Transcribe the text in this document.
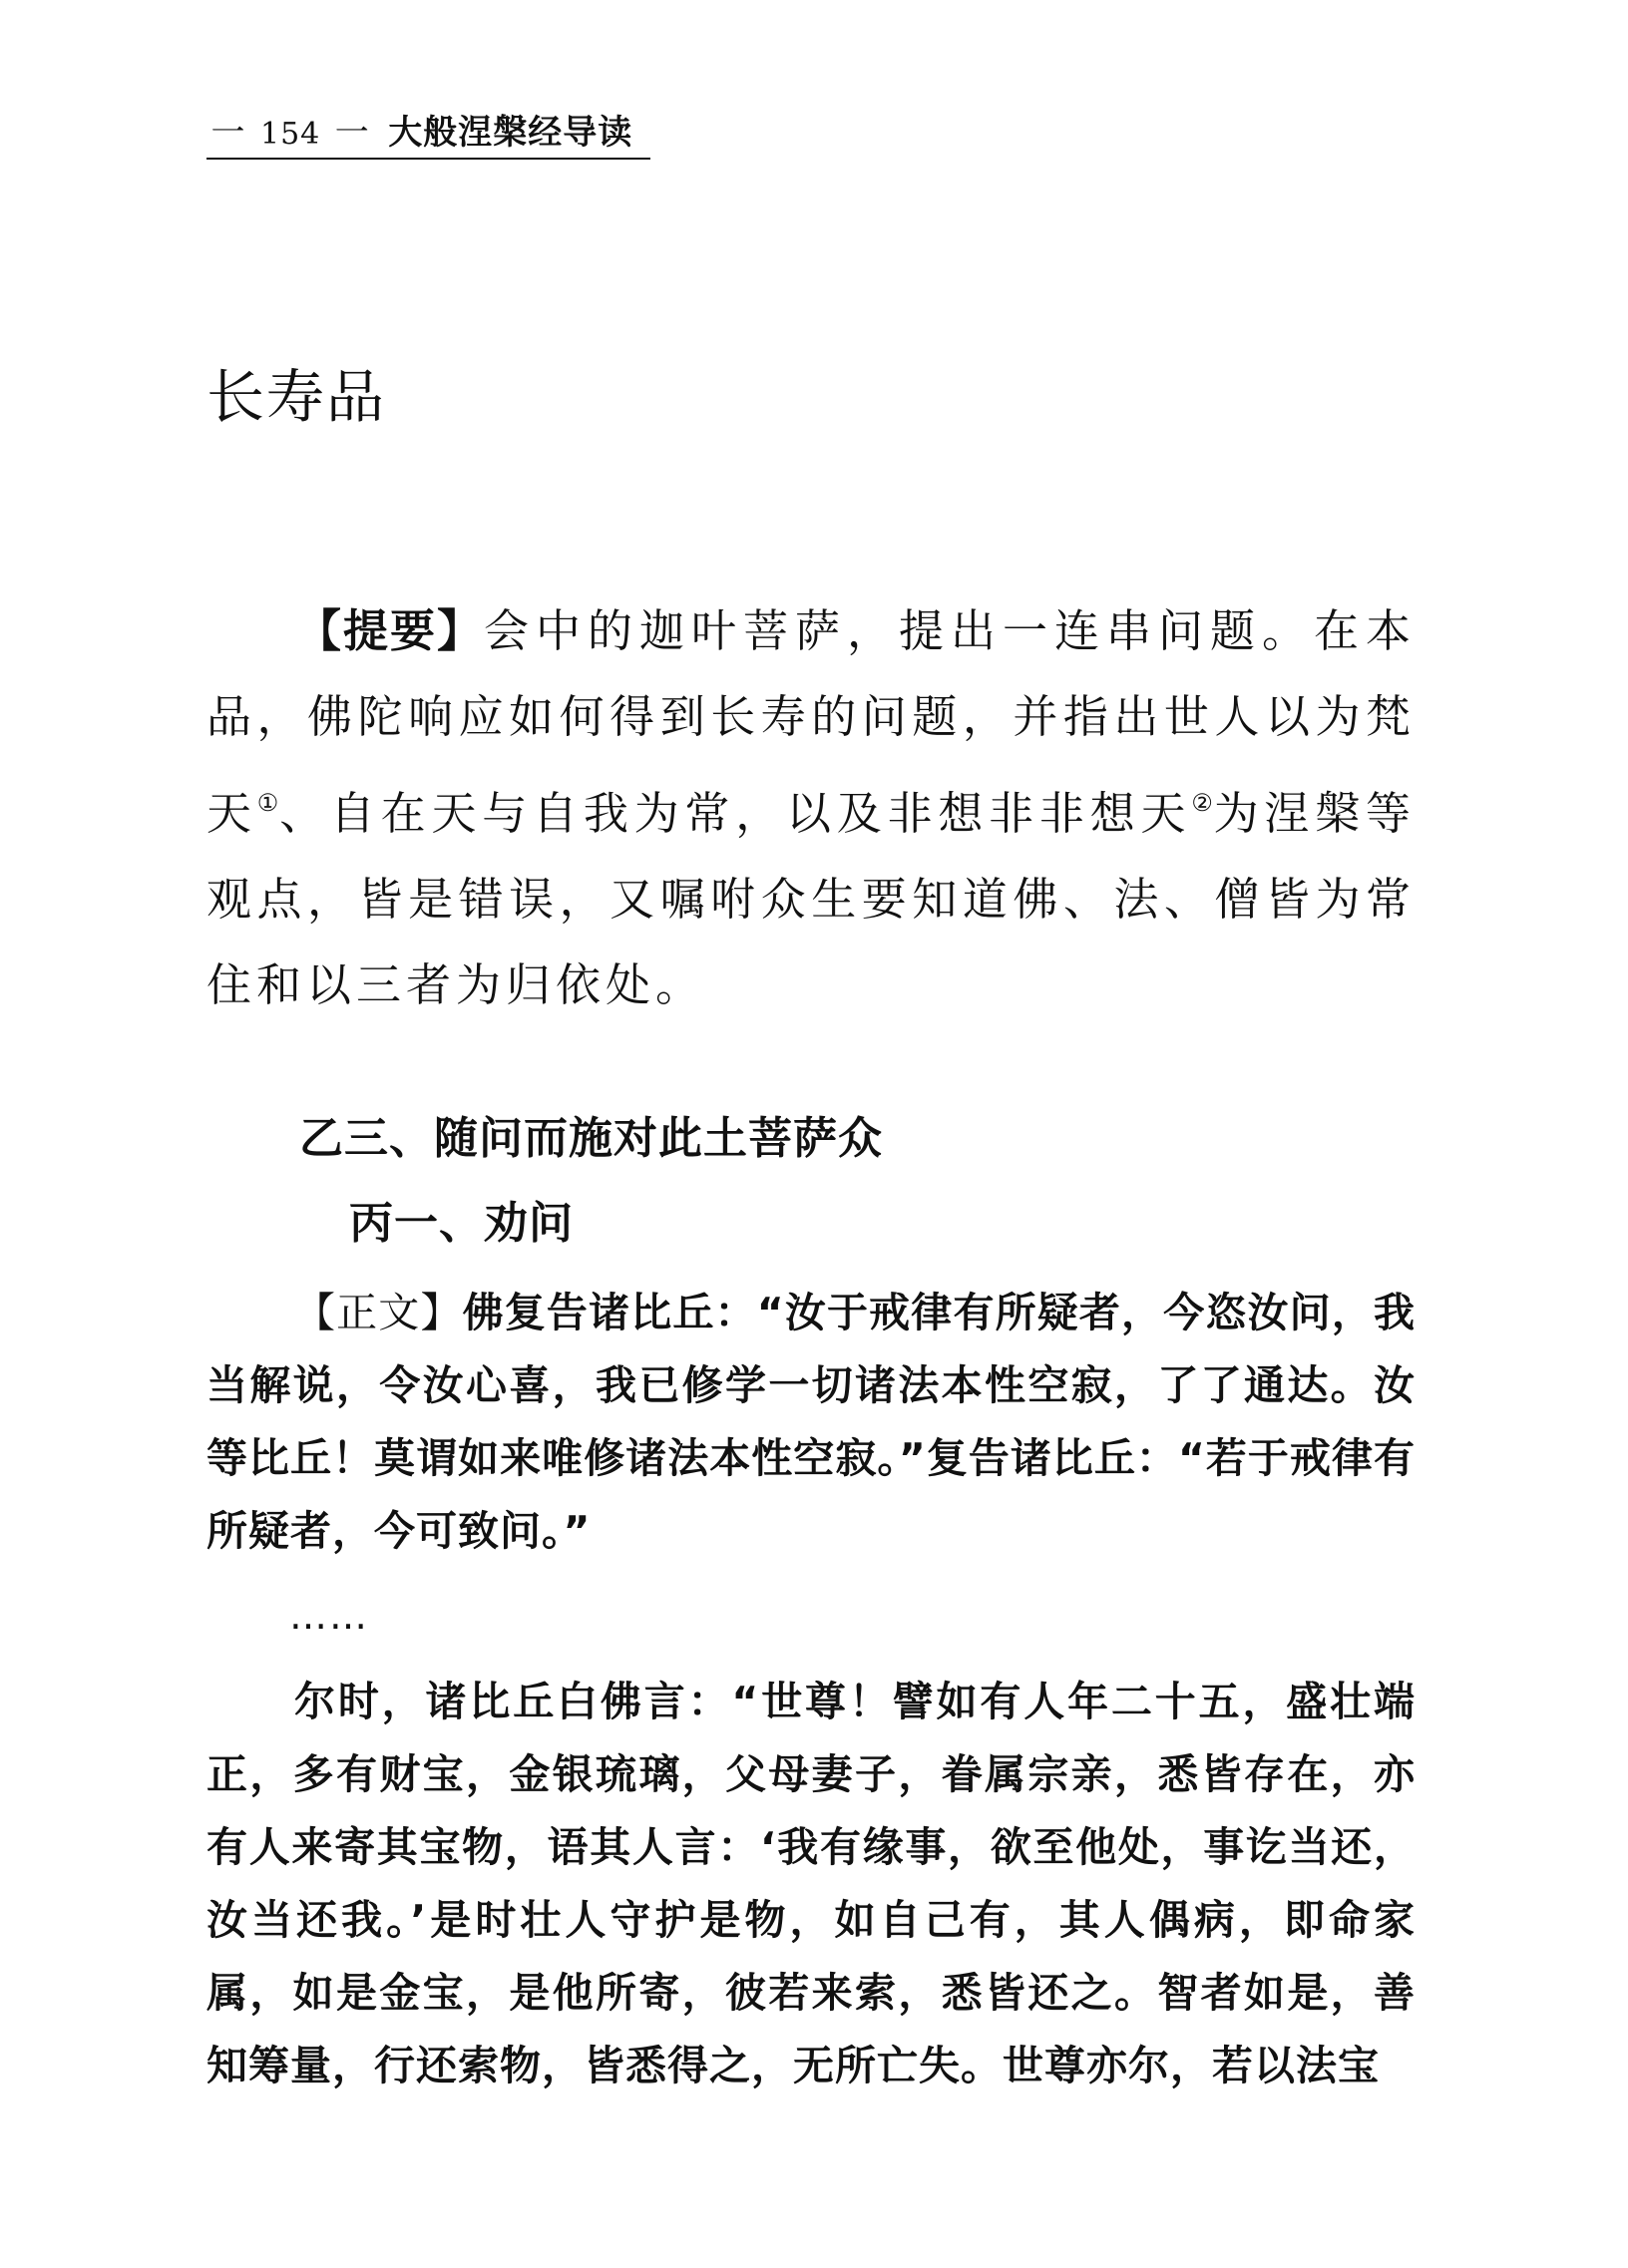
一 154 一 大般涅槃经导读
长寿品

【提要】会中的迦叶菩萨，提出一连串问题。在本品，佛陀响应如何得到长寿的问题，并指出世人以为梵天①、自在天与自我为常，以及非想非非想天②为涅槃等观点，皆是错误，又嘱咐众生要知道佛、法、僧皆为常住和以三者为归依处。

乙三、随问而施对此土菩萨众
丙一、劝问

【正文】佛复告诸比丘：“汝于戒律有所疑者，今恣汝问，我当解说，令汝心喜，我已修学一切诸法本性空寂，了了通达。汝等比丘！莫谓如来唯修诸法本性空寂。”复告诸比丘：“若于戒律有所疑者，今可致问。”

……

尔时，诸比丘白佛言：“世尊！譬如有人年二十五，盛壮端正，多有财宝，金银琉璃，父母妻子，眷属宗亲，悉皆存在，亦有人来寄其宝物，语其人言：‘我有缘事，欲至他处，事讫当还，汝当还我。’是时壮人守护是物，如自己有，其人偶病，即命家属，如是金宝，是他所寄，彼若来索，悉皆还之。智者如是，善知筹量，行还索物，皆悉得之，无所亡失。世尊亦尔，若以法宝
